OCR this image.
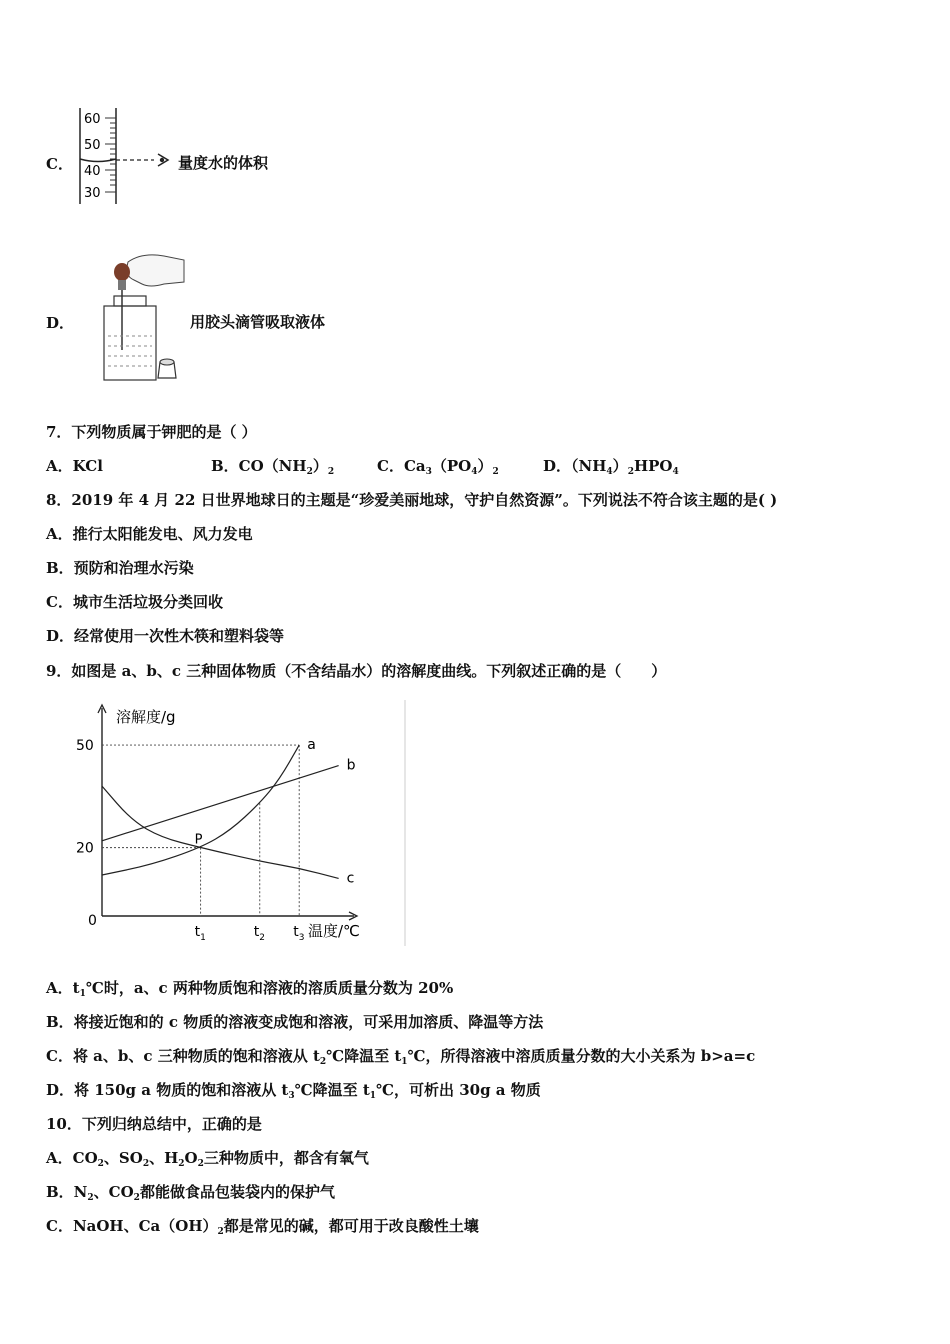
C．
60
50
40
30
量度水的体积
D．	用胶头滴管吸取液体
7．下列物质属于钾肥的是（ ）
A．KCl	B．$CO(NH_2)_2$	C．$Ca_3(PO_4)_2$	D．$(NH_4)_2HPO_4$
8．2019 年 4 月 22 日世界地球日的主题是“珍爱美丽地球，守护自然资源”。下列说法不符合该主题的是( )
A．推行太阳能发电、风力发电
B．预防和治理水污染
C．城市生活垃圾分类回收
D．经常使用一次性木筷和塑料袋等
9．如图是 a、b、c 三种固体物质（不含结晶水）的溶解度曲线。下列叙述正确的是（　　）
50
20
0
$t_1$	$t_2$ $t_3$
溶解度/g
温度/℃
a
b
c
P
A．$t_1℃$时，a、c 两种物质饱和溶液的溶质质量分数为 20%
B．将接近饱和的 c 物质的溶液变成饱和溶液，可采用加溶质、降温等方法
C．将 a、b、c 三种物质的饱和溶液从 $t_2℃$降温至 $t_1℃$，所得溶液中溶质质量分数的大小关系为 b>a=c
D．将 150g a 物质的饱和溶液从 $t_3℃$降温至 $t_1℃$，可析出 30g a 物质
10．下列归纳总结中，正确的是
A．$CO_2$、$SO_2$、$H_2O_2$三种物质中，都含有氧气
B．$N_2$、$CO_2$都能做食品包装袋内的保护气
C．NaOH、$Ca(OH)_2$都是常见的碱，都可用于改良酸性土壤
